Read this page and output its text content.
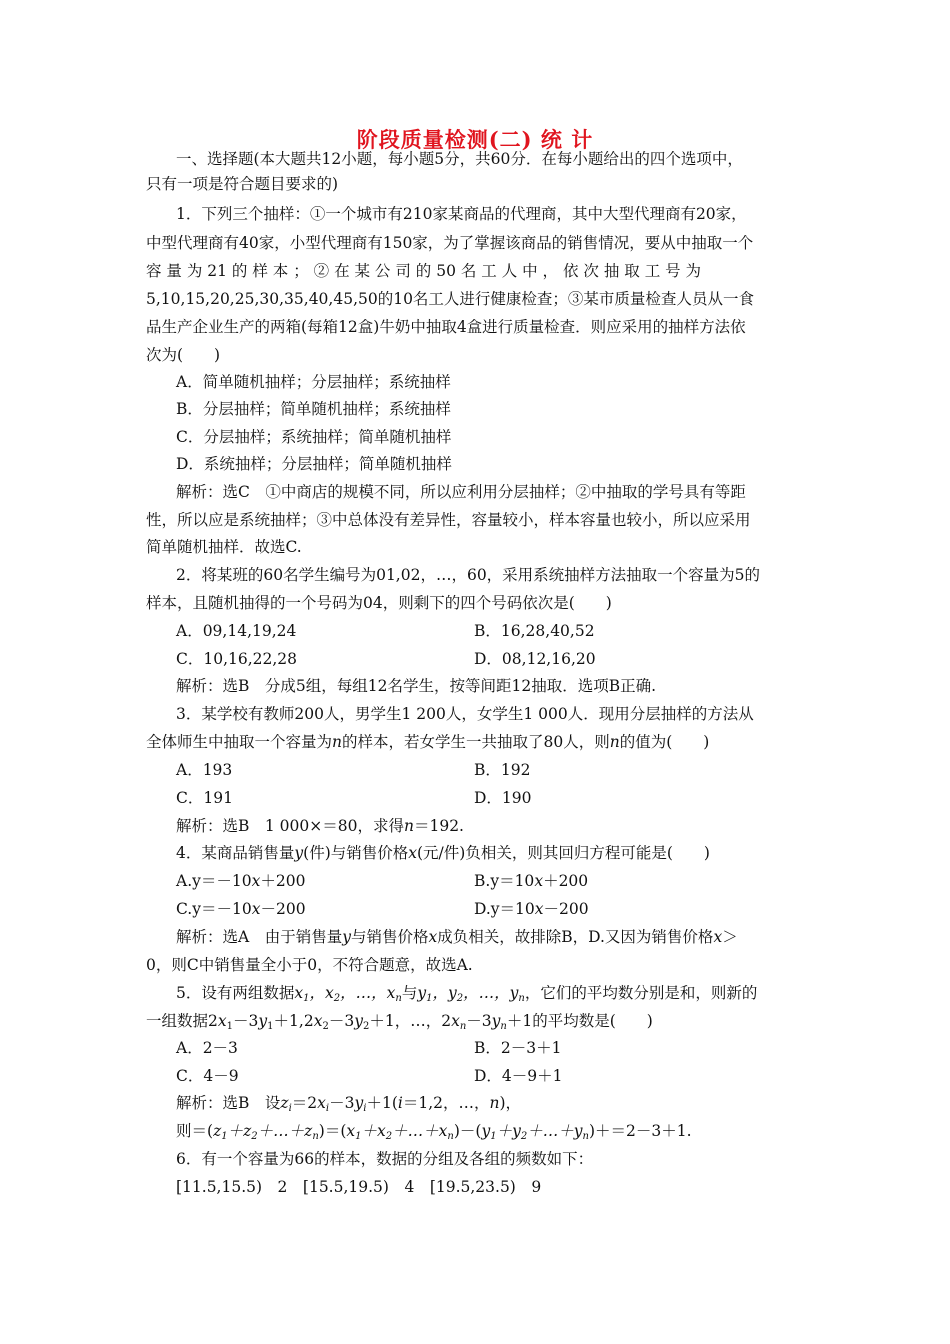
阶段质量检测(二) 统 计
一、选择题(本大题共12小题，每小题5分，共60分．在每小题给出的四个选项中，
只有一项是符合题目要求的)
1．下列三个抽样：①一个城市有210家某商品的代理商，其中大型代理商有20家，
中型代理商有40家，小型代理商有150家，为了掌握该商品的销售情况，要从中抽取一个
容 量 为 21 的 样 本 ； ② 在 某 公 司 的 50 名 工 人 中 ， 依 次 抽 取 工 号 为
5,10,15,20,25,30,35,40,45,50的10名工人进行健康检查；③某市质量检查人员从一食
品生产企业生产的两箱(每箱12盒)牛奶中抽取4盒进行质量检查．则应采用的抽样方法依
次为(　　)
A．简单随机抽样；分层抽样；系统抽样
B．分层抽样；简单随机抽样；系统抽样
C．分层抽样；系统抽样；简单随机抽样
D．系统抽样；分层抽样；简单随机抽样
解析：选C　①中商店的规模不同，所以应利用分层抽样；②中抽取的学号具有等距
性，所以应是系统抽样；③中总体没有差异性，容量较小，样本容量也较小，所以应采用
简单随机抽样．故选C.
2．将某班的60名学生编号为01,02，…，60，采用系统抽样方法抽取一个容量为5的
样本，且随机抽得的一个号码为04，则剩下的四个号码依次是(　　)
A．09,14,19,24	B．16,28,40,52
C．10,16,22,28	D．08,12,16,20
解析：选B　分成5组，每组12名学生，按等间距12抽取．选项B正确.
3．某学校有教师200人，男学生1 200人，女学生1 000人．现用分层抽样的方法从
全体师生中抽取一个容量为n的样本，若女学生一共抽取了80人，则n的值为(　　)
A．193	B．192
C．191	D．190
解析：选B　1 000×＝80，求得n＝192.
4．某商品销售量y(件)与销售价格x(元/件)负相关，则其回归方程可能是(　　)
A.y＝－10x＋200	B.y＝10x＋200
C.y＝－10x－200	D.y＝10x－200
解析：选A　由于销售量y与销售价格x成负相关，故排除B，D.又因为销售价格x＞
0，则C中销售量全小于0，不符合题意，故选A.
5．设有两组数据$x_1$，$x_2$，…，$x_n$与$y_1$，$y_2$，…，$y_n$，它们的平均数分别是和，则新的
一组数据$2x_1-3y_1+1,2x_2-3y_2+1$，…，$2x_n-3y_n+1$的平均数是(　　)
A．2－3	B．2－3＋1
C．4－9	D．4－9＋1
解析：选B　设$z_i=2x_i-3y_i+1(i=1,2$，…，n)，
则$=(z_1+z_2+\dots+z_n)=(x_1+x_2+\dots+x_n)-(y_1+y_2+\dots+y_n)+=2-3+1$.
6．有一个容量为66的样本，数据的分组及各组的频数如下：
[11.5,15.5)　2　[15.5,19.5)　4　[19.5,23.5)　9
